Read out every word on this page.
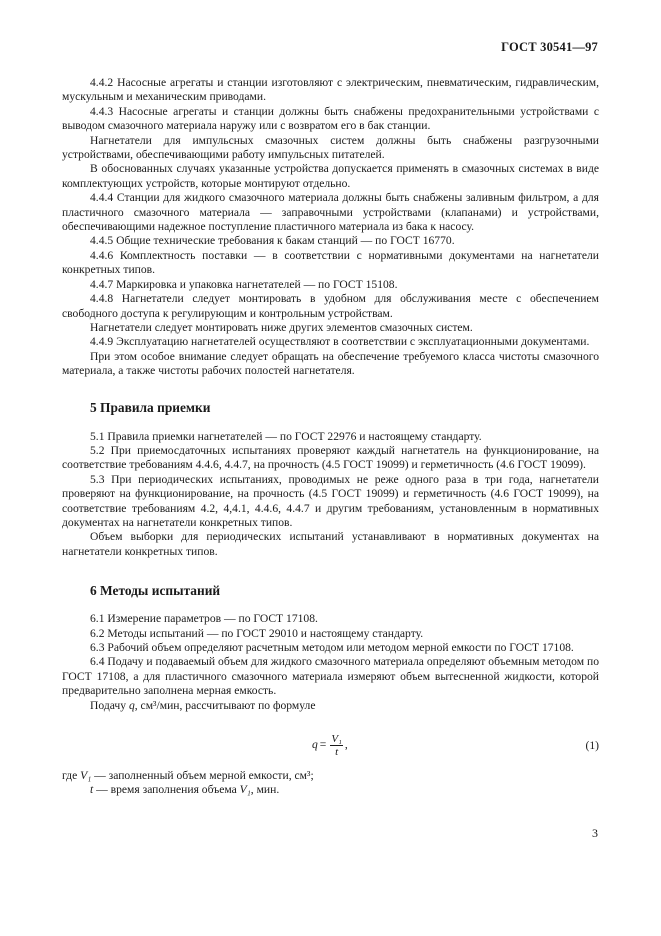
ГОСТ 30541—97

4.4.2 Насосные агрегаты и станции изготовляют с электрическим, пневматическим, гидравлическим, мускульным и механическим приводами.

4.4.3 Насосные агрегаты и станции должны быть снабжены предохранительными устройствами с выводом смазочного материала наружу или с возвратом его в бак станции.

Нагнетатели для импульсных смазочных систем должны быть снабжены разгрузочными устройствами, обеспечивающими работу импульсных питателей.

В обоснованных случаях указанные устройства допускается применять в смазочных системах в виде комплектующих устройств, которые монтируют отдельно.

4.4.4 Станции для жидкого смазочного материала должны быть снабжены заливным фильтром, а для пластичного смазочного материала — заправочными устройствами (клапанами) и устройствами, обеспечивающими надежное поступление пластичного материала из бака к насосу.

4.4.5 Общие технические требования к бакам станций — по ГОСТ 16770.

4.4.6 Комплектность поставки — в соответствии с нормативными документами на нагнетатели конкретных типов.

4.4.7 Маркировка и упаковка нагнетателей — по ГОСТ 15108.

4.4.8 Нагнетатели следует монтировать в удобном для обслуживания месте с обеспечением свободного доступа к регулирующим и контрольным устройствам.

Нагнетатели следует монтировать ниже других элементов смазочных систем.

4.4.9 Эксплуатацию нагнетателей осуществляют в соответствии с эксплуатационными документами.

При этом особое внимание следует обращать на обеспечение требуемого класса чистоты смазочного материала, а также чистоты рабочих полостей нагнетателя.

5 Правила приемки

5.1 Правила приемки нагнетателей — по ГОСТ 22976 и настоящему стандарту.

5.2 При приемосдаточных испытаниях проверяют каждый нагнетатель на функционирование, на соответствие требованиям 4.4.6, 4.4.7, на прочность (4.5 ГОСТ 19099) и герметичность (4.6 ГОСТ 19099).

5.3 При периодических испытаниях, проводимых не реже одного раза в три года, нагнетатели проверяют на функционирование, на прочность (4.5 ГОСТ 19099) и герметичность (4.6 ГОСТ 19099), на соответствие требованиям 4.2, 4,4.1, 4.4.6, 4.4.7 и другим требованиям, установленным в нормативных документах на нагнетатели конкретных типов.

Объем выборки для периодических испытаний устанавливают в нормативных документах на нагнетатели конкретных типов.

6 Методы испытаний

6.1 Измерение параметров — по ГОСТ 17108.

6.2 Методы испытаний — по ГОСТ 29010 и настоящему стандарту.

6.3 Рабочий объем определяют расчетным методом или методом мерной емкости по ГОСТ 17108.

6.4 Подачу и подаваемый объем для жидкого смазочного материала определяют объемным методом по ГОСТ 17108, а для пластичного смазочного материала измеряют объем вытесненной жидкости, которой предварительно заполнена мерная емкость.

Подачу q, см³/мин, рассчитывают по формуле

$q = \frac{\text{V₁}}{t}$ ,	(1)

где V₁ — заполненный объем мерной емкости, см³;

t — время заполнения объема V₁, мин.

3
